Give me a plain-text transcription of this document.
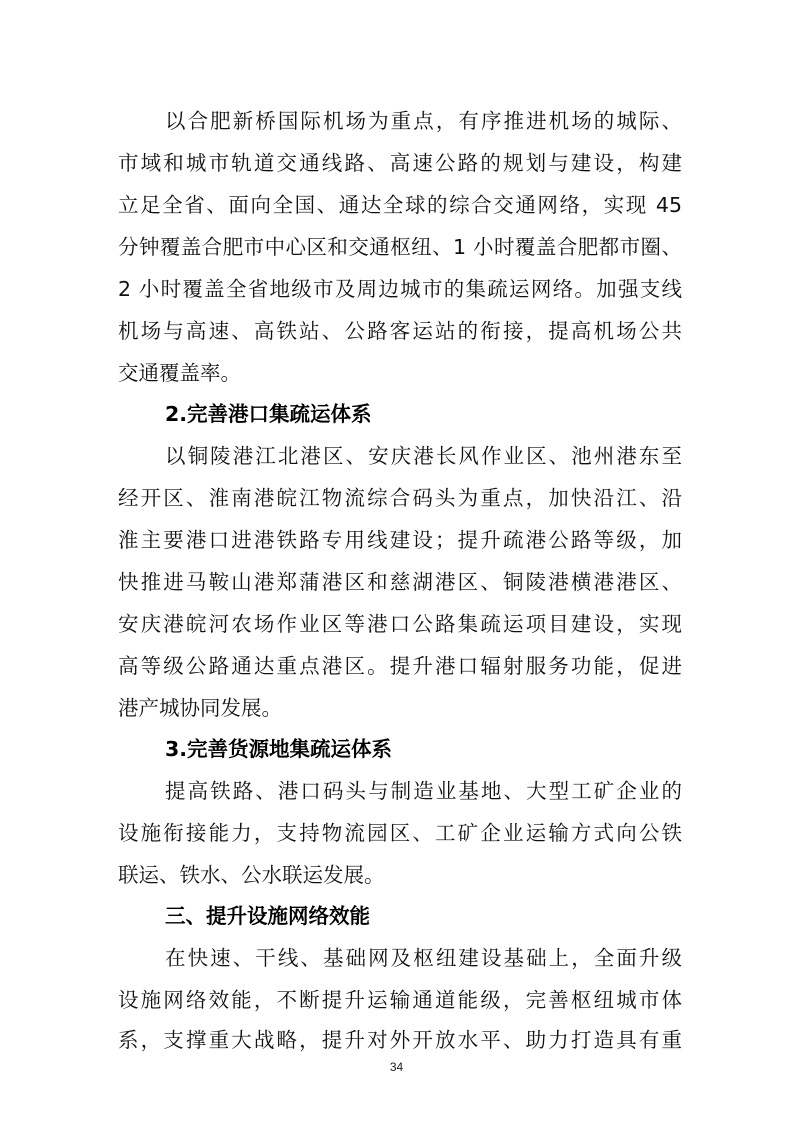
以合肥新桥国际机场为重点，有序推进机场的城际、
市域和城市轨道交通线路、高速公路的规划与建设，构建
立足全省、面向全国、通达全球的综合交通网络，实现 45
分钟覆盖合肥市中心区和交通枢纽、1 小时覆盖合肥都市圈、
2 小时覆盖全省地级市及周边城市的集疏运网络。加强支线
机场与高速、高铁站、公路客运站的衔接，提高机场公共
交通覆盖率。
2.完善港口集疏运体系
以铜陵港江北港区、安庆港长风作业区、池州港东至
经开区、淮南港皖江物流综合码头为重点，加快沿江、沿
淮主要港口进港铁路专用线建设；提升疏港公路等级，加
快推进马鞍山港郑蒲港区和慈湖港区、铜陵港横港港区、
安庆港皖河农场作业区等港口公路集疏运项目建设，实现
高等级公路通达重点港区。提升港口辐射服务功能，促进
港产城协同发展。
3.完善货源地集疏运体系
提高铁路、港口码头与制造业基地、大型工矿企业的
设施衔接能力，支持物流园区、工矿企业运输方式向公铁
联运、铁水、公水联运发展。
三、提升设施网络效能
在快速、干线、基础网及枢纽建设基础上，全面升级
设施网络效能，不断提升运输通道能级，完善枢纽城市体
系，支撑重大战略，提升对外开放水平、助力打造具有重
34
